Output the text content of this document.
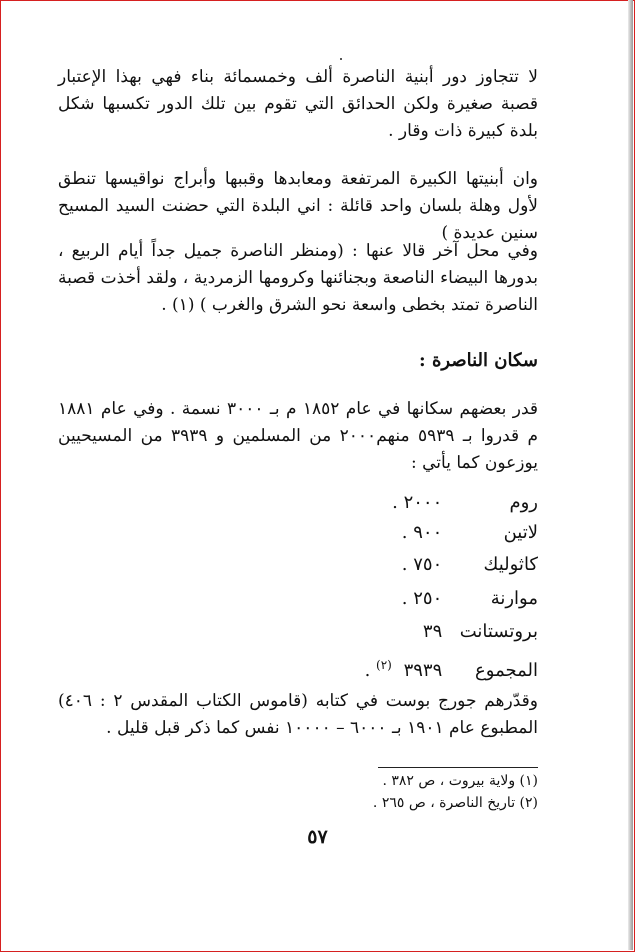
لا تتجاوز دور أبنية الناصرة ألف وخمسمائة بناء فهي بهذا الإعتبار قصبة صغيرة ولكن الحدائق التي تقوم بين تلك الدور تكسبها شكل بلدة كبيرة ذات وقار .

وان أبنيتها الكبيرة المرتفعة ومعابدها وقببها وأبراج نواقيسها تنطق لأول وهلة بلسان واحد قائلة : اني البلدة التي حضنت السيد المسيح سنين عديدة )

وفي محل آخر قالا عنها : (ومنظر الناصرة جميل جداً أيام الربيع ، بدورها البيضاء الناصعة وبجنائنها وكرومها الزمردية ، ولقد أخذت قصبة الناصرة تمتد بخطى واسعة نحو الشرق والغرب ) (١) .

سكان الناصرة :

قدر بعضهم سكانها في عام ١٨٥٢ م بـ ٣٠٠٠ نسمة . وفي عام ١٨٨١ م قدروا بـ ٥٩٣٩ منهم٢٠٠٠ من المسلمين و ٣٩٣٩ من المسيحيين يوزعون كما يأتي :

روم ٢٠٠٠ .
لاتين ٩٠٠ .
كاثوليك ٧٥٠ .
موارنة ٢٥٠ .
بروتستانت ٣٩
المجموع ٣٩٣٩ $^{(٢)}$ .

وقدّرهم جورج بوست في كتابه (قاموس الكتاب المقدس ٢ : ٤٠٦) المطبوع عام ١٩٠١ بـ ٦٠٠٠ – ١٠٠٠٠ نفس كما ذكر قبل قليل .

(١) ولاية بيروت ، ص ٣٨٢ .
(٢) تاريخ الناصرة ، ص ٢٦٥ .
٥٧
